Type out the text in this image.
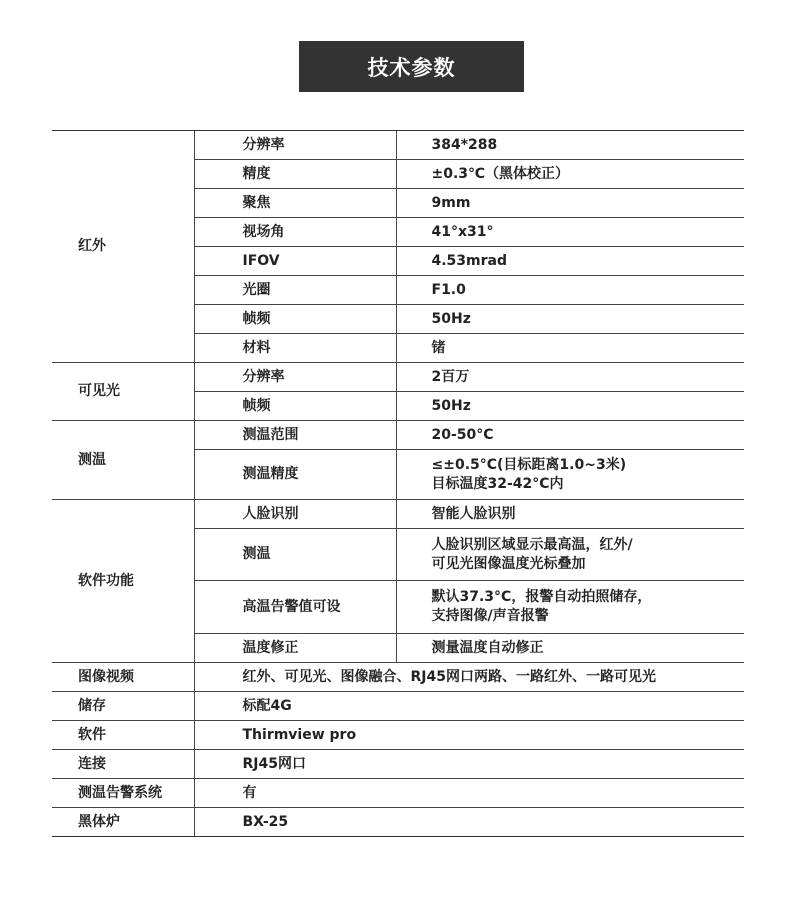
技术参数
红外	分辨率	384*288

	精度	±0.3℃（黑体校正）

	聚焦	9mm

	视场角	41°x31°

	IFOV	4.53mrad

	光圈	F1.0

	帧频	50Hz

	材料	锗

可见光	分辨率	2百万

	帧频	50Hz

测温	测温范围	20-50°C

	测温精度	≤±0.5°C(目标距离1.0~3米)
目标温度32-42°C内

软件功能	人脸识别	智能人脸识别

	测温	人脸识别区域显示最高温，红外/
可见光图像温度光标叠加

	高温告警值可设	默认37.3°C，报警自动拍照储存，
支持图像/声音报警

	温度修正	测量温度自动修正

图像视频	红外、可见光、图像融合、RJ45网口两路、一路红外、一路可见光	
储存	标配4G	
软件	Thirmview pro	
连接	RJ45网口	
测温告警系统	有	
黑体炉	BX-25	
